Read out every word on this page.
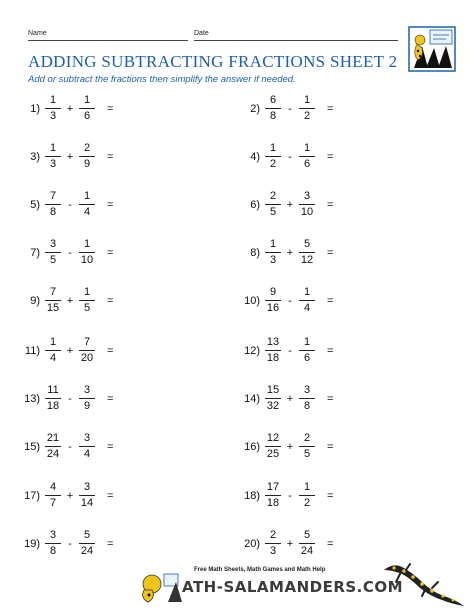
Name	Date
ADDING SUBTRACTING FRACTIONS SHEET 2
Add or subtract the fractions then simplify the answer if needed.
$1) \frac{1}{3} + \frac{1}{6}$ =	$2) \frac{6}{8} - \frac{1}{2}$ =
$3) \frac{1}{3} + \frac{2}{9}$ =	$4) \frac{1}{2} - \frac{1}{6}$ =
$5) \frac{7}{8} - \frac{1}{4}$ =	$6) \frac{2}{5} + \frac{3}{10}$ =
$7) \frac{3}{5} - \frac{1}{10}$ =	$8) \frac{1}{3} + \frac{5}{12}$ =
$9) \frac{7}{15} + \frac{1}{5}$ =	$10) \frac{9}{16} - \frac{1}{4}$ =
$11) \frac{1}{4} + \frac{7}{20}$ =	$12) \frac{13}{18} - \frac{1}{6}$ =
$13) \frac{11}{18} - \frac{3}{9}$ =	$14) \frac{15}{32} + \frac{3}{8}$ =
$15) \frac{21}{24} - \frac{3}{4}$ =	$16) \frac{12}{25} + \frac{2}{5}$ =
$17) \frac{4}{7} + \frac{3}{14}$ =	$18) \frac{17}{18} - \frac{1}{2}$ =
$19) \frac{3}{8} - \frac{5}{24}$ =	$20) \frac{2}{3} + \frac{5}{24}$ =
Free Math Sheets, Math Games and Math Help
ATH-SALAMANDERS.COM
